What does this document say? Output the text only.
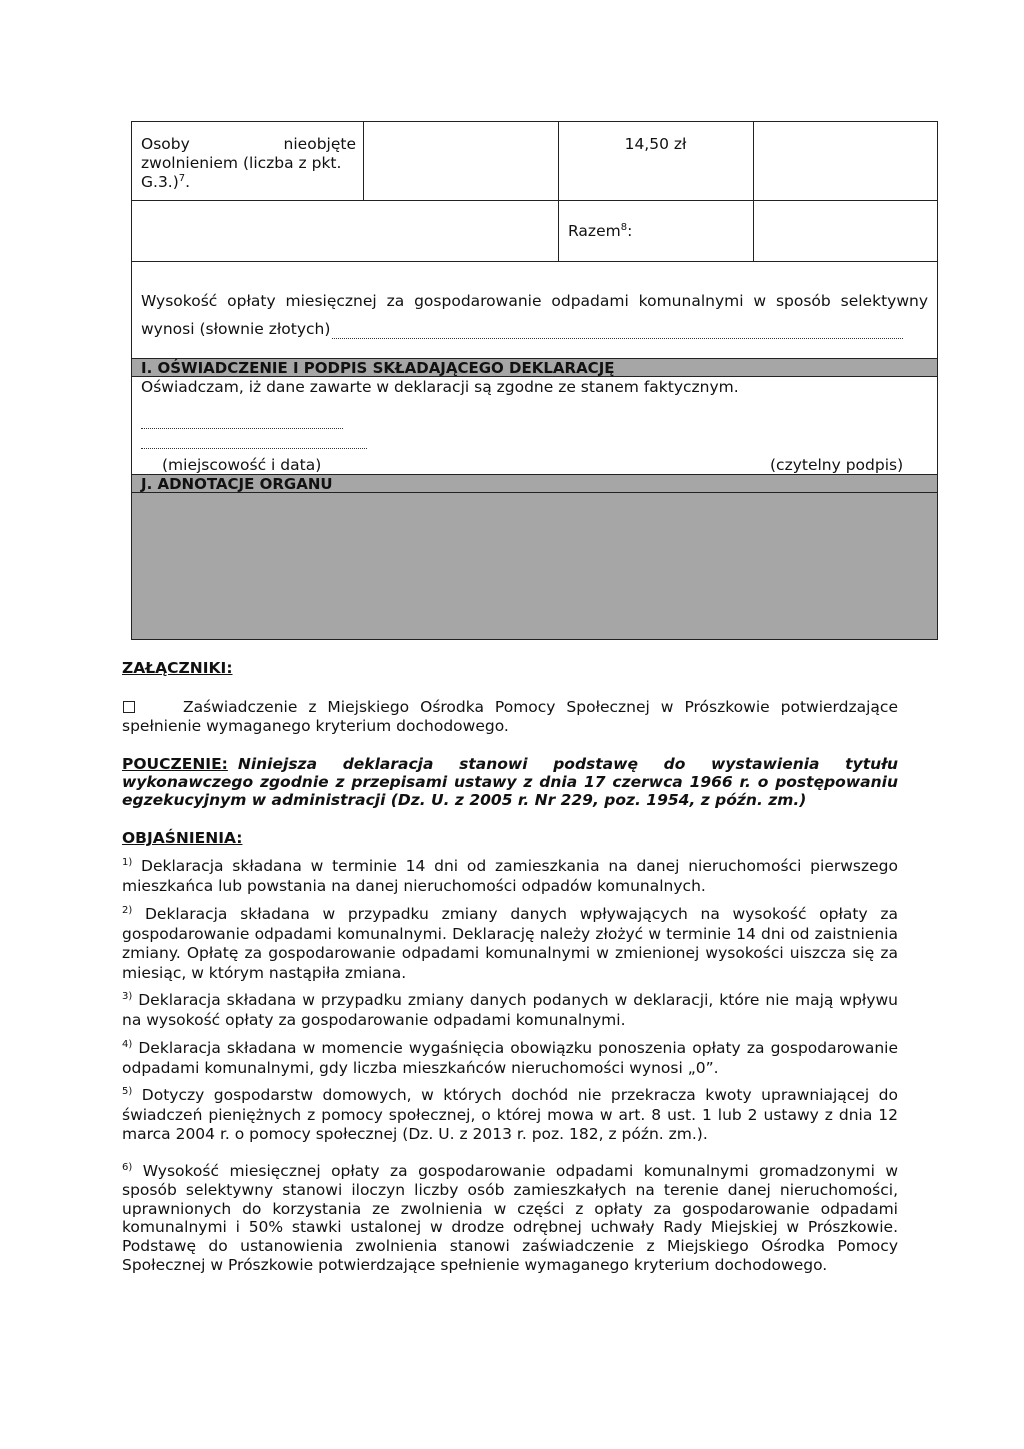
Osoby	nieobjęte
zwolnieniem (liczba z pkt.
G.3.)$^7$.
14,50 zł
Razem$^8$:
Wysokość opłaty miesięcznej za gospodarowanie odpadami komunalnymi w sposób selektywny
wynosi (słownie złotych)
I. OŚWIADCZENIE I PODPIS SKŁADAJĄCEGO DEKLARACJĘ
Oświadczam, iż dane zawarte w deklaracji są zgodne ze stanem faktycznym.
(miejscowość i data)	(czytelny podpis)
J. ADNOTACJE ORGANU
ZAŁĄCZNIKI:
Zaświadczenie z Miejskiego Ośrodka Pomocy Społecznej w Prószkowie potwierdzające
spełnienie wymaganego kryterium dochodowego.
POUCZENIE: Niniejsza deklaracja stanowi podstawę do wystawienia tytułu
wykonawczego zgodnie z przepisami ustawy z dnia 17 czerwca 1966 r. o postępowaniu
egzekucyjnym w administracji (Dz. U. z 2005 r. Nr 229, poz. 1954, z późn. zm.)
OBJAŚNIENIA:
$^{1)}$ Deklaracja składana w terminie 14 dni od zamieszkania na danej nieruchomości pierwszego mieszkańca lub powstania na danej nieruchomości odpadów komunalnych.
$^{2)}$ Deklaracja składana w przypadku zmiany danych wpływających na wysokość opłaty za gospodarowanie odpadami komunalnymi. Deklarację należy złożyć w terminie 14 dni od zaistnienia zmiany. Opłatę za gospodarowanie odpadami komunalnymi w zmienionej wysokości uiszcza się za miesiąc, w którym nastąpiła zmiana.
$^{3)}$ Deklaracja składana w przypadku zmiany danych podanych w deklaracji, które nie mają wpływu na wysokość opłaty za gospodarowanie odpadami komunalnymi.
$^{4)}$ Deklaracja składana w momencie wygaśnięcia obowiązku ponoszenia opłaty za gospodarowanie odpadami komunalnymi, gdy liczba mieszkańców nieruchomości wynosi „0”.
$^{5)}$ Dotyczy gospodarstw domowych, w których dochód nie przekracza kwoty uprawniającej do świadczeń pieniężnych z pomocy społecznej, o której mowa w art. 8 ust. 1 lub 2 ustawy z dnia 12 marca 2004 r. o pomocy społecznej (Dz. U. z 2013 r. poz. 182, z późn. zm.).
$^{6)}$ Wysokość miesięcznej opłaty za gospodarowanie odpadami komunalnymi gromadzonymi w sposób selektywny stanowi iloczyn liczby osób zamieszkałych na terenie danej nieruchomości, uprawnionych do korzystania ze zwolnienia w części z opłaty za gospodarowanie odpadami komunalnymi i 50% stawki ustalonej w drodze odrębnej uchwały Rady Miejskiej w Prószkowie. Podstawę do ustanowienia zwolnienia stanowi zaświadczenie z Miejskiego Ośrodka Pomocy Społecznej w Prószkowie potwierdzające spełnienie wymaganego kryterium dochodowego.
